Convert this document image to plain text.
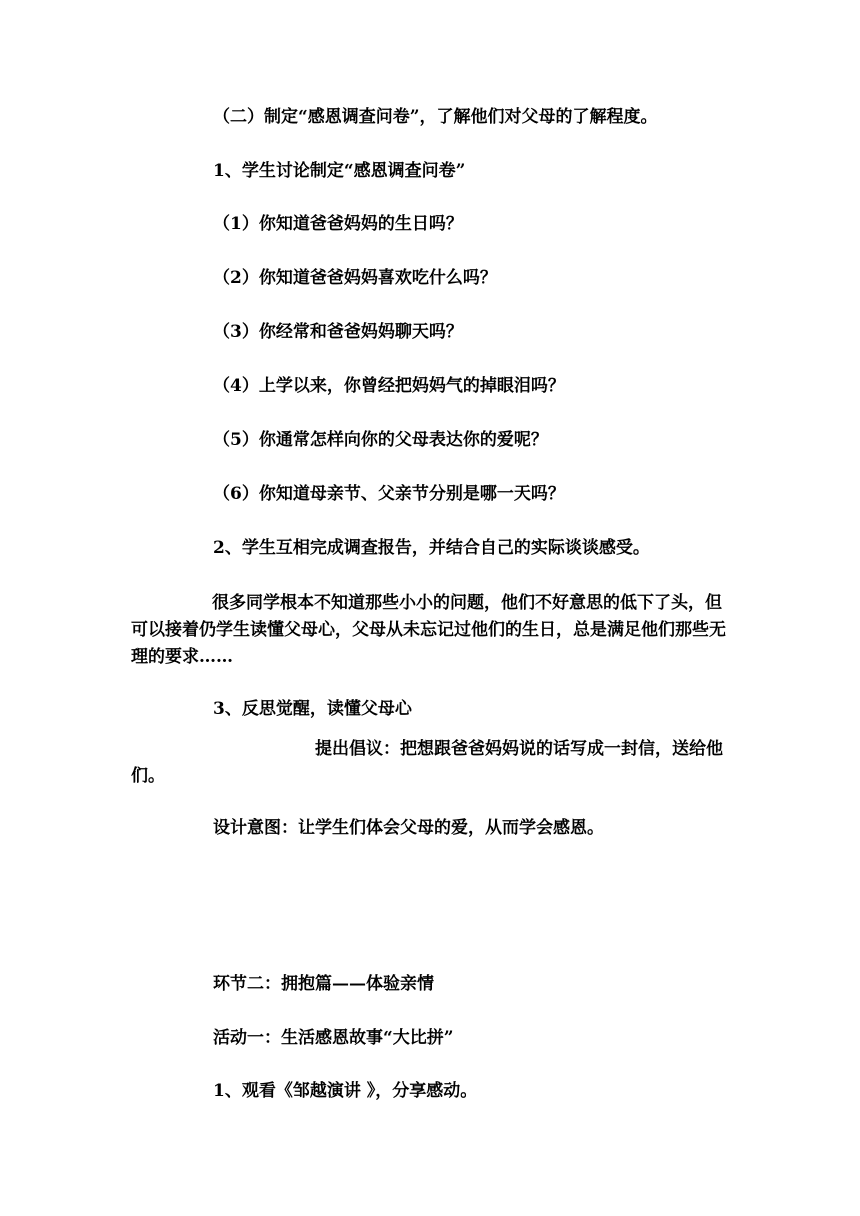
（二）制定“感恩调查问卷”，了解他们对父母的了解程度。

1、学生讨论制定“感恩调查问卷”

（1）你知道爸爸妈妈的生日吗？

（2）你知道爸爸妈妈喜欢吃什么吗？

（3）你经常和爸爸妈妈聊天吗？

（4）上学以来，你曾经把妈妈气的掉眼泪吗？

（5）你通常怎样向你的父母表达你的爱呢？

（6）你知道母亲节、父亲节分别是哪一天吗？

2、学生互相完成调查报告，并结合自己的实际谈谈感受。

很多同学根本不知道那些小小的问题，他们不好意思的低下了头，但可以接着仍学生读懂父母心，父母从未忘记过他们的生日，总是满足他们那些无理的要求……

3、反思觉醒，读懂父母心

提出倡议：把想跟爸爸妈妈说的话写成一封信，送给他们。

设计意图：让学生们体会父母的爱，从而学会感恩。

环节二：拥抱篇——体验亲情

活动一：生活感恩故事“大比拼”

1、观看《邹越演讲 》，分享感动。
